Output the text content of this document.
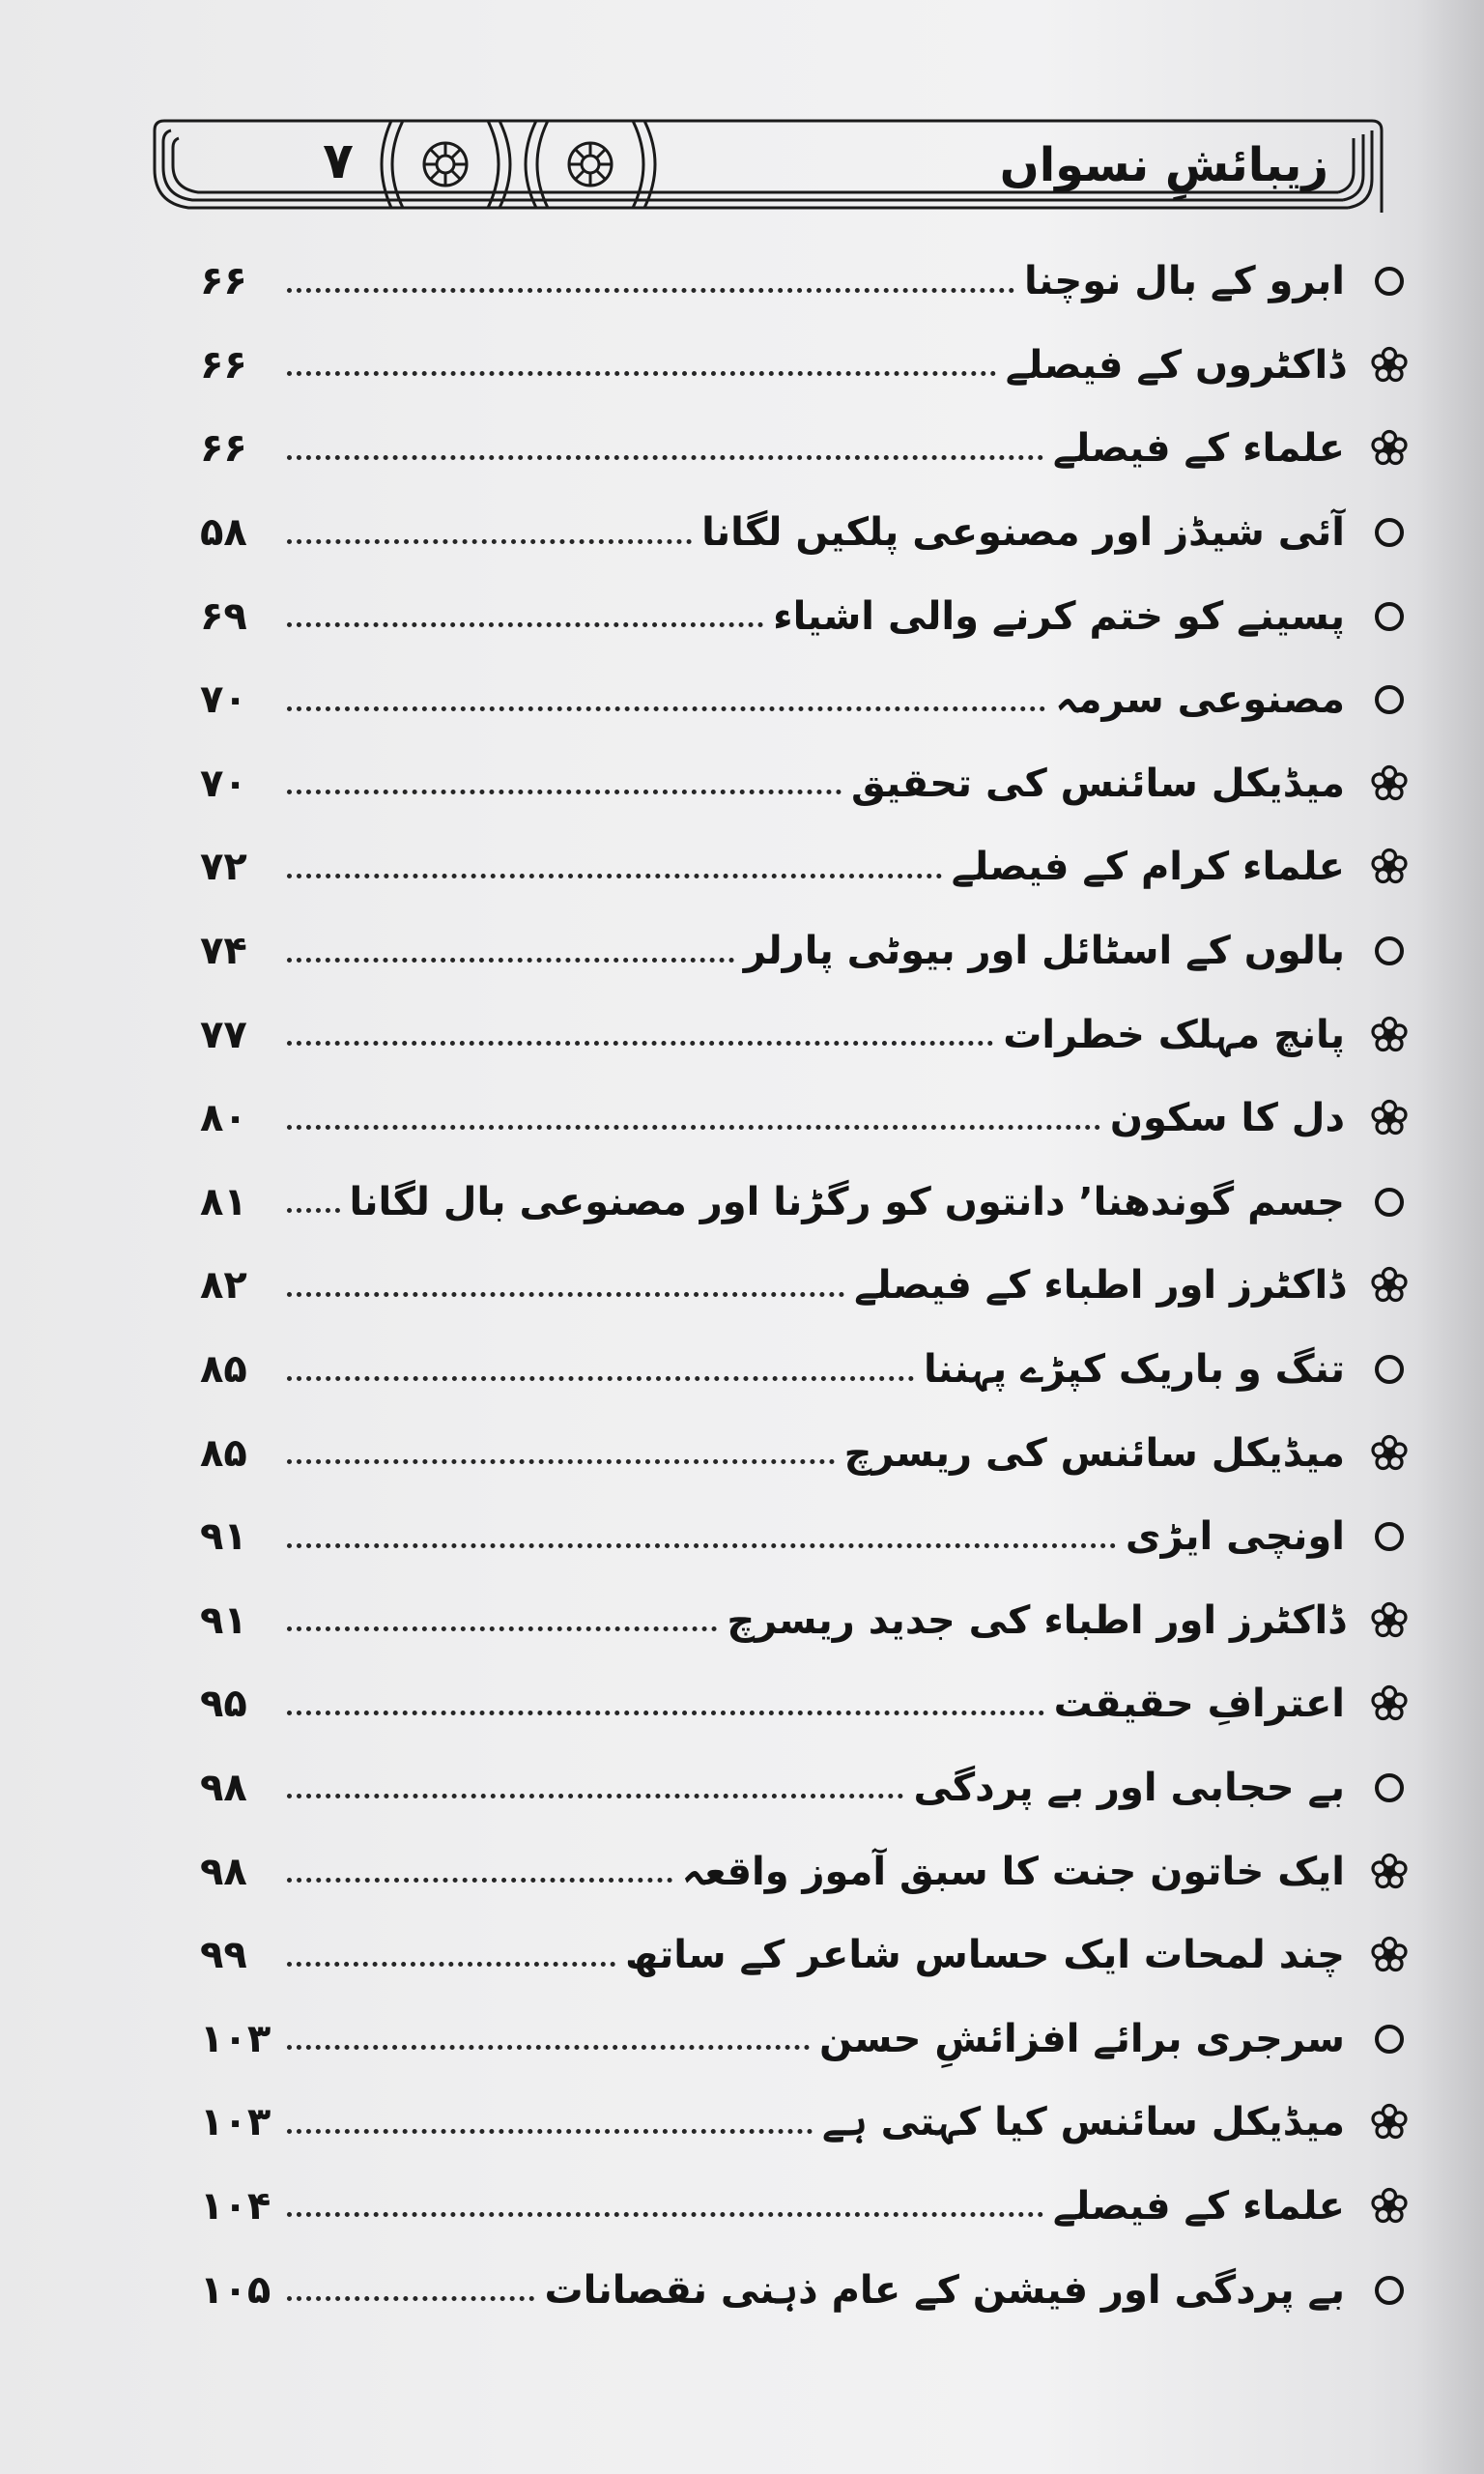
۷	زیبائشِ نسواں
ابرو کے بال نوچنا
۶۶
ڈاکٹروں کے فیصلے
۶۶
علماء کے فیصلے
۶۶
آئی شیڈز اور مصنوعی پلکیں لگانا
۵۸
پسینے کو ختم کرنے والی اشیاء
۶۹
مصنوعی سرمہ
۷۰
میڈیکل سائنس کی تحقیق
۷۰
علماء کرام کے فیصلے
۷۲
بالوں کے اسٹائل اور بیوٹی پارلر
۷۴
پانچ مہلک خطرات
۷۷
دل کا سکون
۸۰
جسم گوندھنا٬ دانتوں کو رگڑنا اور مصنوعی بال لگانا
۸۱
ڈاکٹرز اور اطباء کے فیصلے
۸۲
تنگ و باریک کپڑے پہننا
۸۵
میڈیکل سائنس کی ریسرچ
۸۵
اونچی ایڑی
۹۱
ڈاکٹرز اور اطباء کی جدید ریسرچ
۹۱
اعترافِ حقیقت
۹۵
بے حجابی اور بے پردگی
۹۸
ایک خاتون جنت کا سبق آموز واقعہ
۹۸
چند لمحات ایک حساس شاعر کے ساتھ
۹۹
سرجری برائے افزائشِ حسن
۱۰۳
میڈیکل سائنس کیا کہتی ہے
۱۰۳
علماء کے فیصلے
۱۰۴
بے پردگی اور فیشن کے عام ذہنی نقصانات
۱۰۵
